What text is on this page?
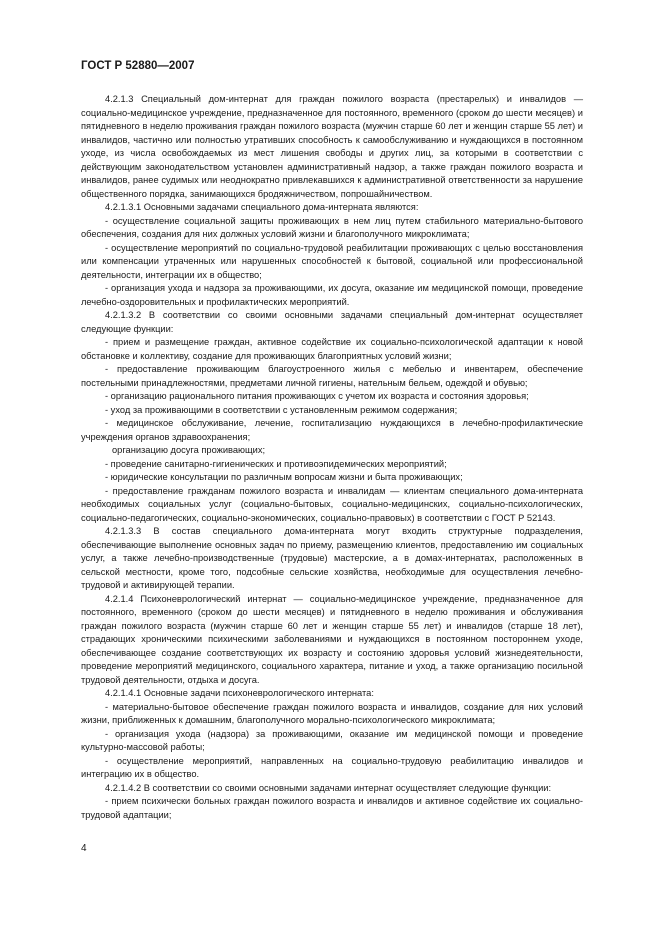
ГОСТ Р 52880—2007
4.2.1.3 Специальный дом-интернат для граждан пожилого возраста (престарелых) и инвалидов — социально-медицинское учреждение, предназначенное для постоянного, временного (сроком до шести месяцев) и пятидневного в неделю проживания граждан пожилого возраста (мужчин старше 60 лет и женщин старше 55 лет) и инвалидов, частично или полностью утративших способность к самообслуживанию и нуждающихся в постоянном уходе, из числа освобождаемых из мест лишения свободы и других лиц, за которыми в соответствии с действующим законодательством установлен административный надзор, а также граждан пожилого возраста и инвалидов, ранее судимых или неоднократно привлекавшихся к административной ответственности за нарушение общественного порядка, занимающихся бродяжничеством, попрошайничеством.
4.2.1.3.1 Основными задачами специального дома-интерната являются:
- осуществление социальной защиты проживающих в нем лиц путем стабильного материально-бытового обеспечения, создания для них должных условий жизни и благополучного микроклимата;
- осуществление мероприятий по социально-трудовой реабилитации проживающих с целью восстановления или компенсации утраченных или нарушенных способностей к бытовой, социальной или профессиональной деятельности, интеграции их в общество;
- организация ухода и надзора за проживающими, их досуга, оказание им медицинской помощи, проведение лечебно-оздоровительных и профилактических мероприятий.
4.2.1.3.2 В соответствии со своими основными задачами специальный дом-интернат осуществляет следующие функции:
- прием и размещение граждан, активное содействие их социально-психологической адаптации к новой обстановке и коллективу, создание для проживающих благоприятных условий жизни;
- предоставление проживающим благоустроенного жилья с мебелью и инвентарем, обеспечение постельными принадлежностями, предметами личной гигиены, нательным бельем, одеждой и обувью;
- организацию рационального питания проживающих с учетом их возраста и состояния здоровья;
- уход за проживающими в соответствии с установленным режимом содержания;
- медицинское обслуживание, лечение, госпитализацию нуждающихся в лечебно-профилактические учреждения органов здравоохранения;
организацию досуга проживающих;
- проведение санитарно-гигиенических и противоэпидемических мероприятий;
- юридические консультации по различным вопросам жизни и быта проживающих;
- предоставление гражданам пожилого возраста и инвалидам — клиентам специального дома-интерната необходимых социальных услуг (социально-бытовых, социально-медицинских, социально-психологических, социально-педагогических, социально-экономических, социально-правовых) в соответствии с ГОСТ Р 52143.
4.2.1.3.3 В состав специального дома-интерната могут входить структурные подразделения, обеспечивающие выполнение основных задач по приему, размещению клиентов, предоставлению им социальных услуг, а также лечебно-производственные (трудовые) мастерские, а в домах-интернатах, расположенных в сельской местности, кроме того, подсобные сельские хозяйства, необходимые для осуществления лечебно-трудовой и активирующей терапии.
4.2.1.4 Психоневрологический интернат — социально-медицинское учреждение, предназначенное для постоянного, временного (сроком до шести месяцев) и пятидневного в неделю проживания и обслуживания граждан пожилого возраста (мужчин старше 60 лет и женщин старше 55 лет) и инвалидов (старше 18 лет), страдающих хроническими психическими заболеваниями и нуждающихся в постоянном постороннем уходе, обеспечивающее создание соответствующих их возрасту и состоянию здоровья условий жизнедеятельности, проведение мероприятий медицинского, социального характера, питание и уход, а также организацию посильной трудовой деятельности, отдыха и досуга.
4.2.1.4.1 Основные задачи психоневрологического интерната:
- материально-бытовое обеспечение граждан пожилого возраста и инвалидов, создание для них условий жизни, приближенных к домашним, благополучного морально-психологического микроклимата;
- организация ухода (надзора) за проживающими, оказание им медицинской помощи и проведение культурно-массовой работы;
- осуществление мероприятий, направленных на социально-трудовую реабилитацию инвалидов и интеграцию их в общество.
4.2.1.4.2 В соответствии со своими основными задачами интернат осуществляет следующие функции:
- прием психически больных граждан пожилого возраста и инвалидов и активное содействие их социально-трудовой адаптации;
4
